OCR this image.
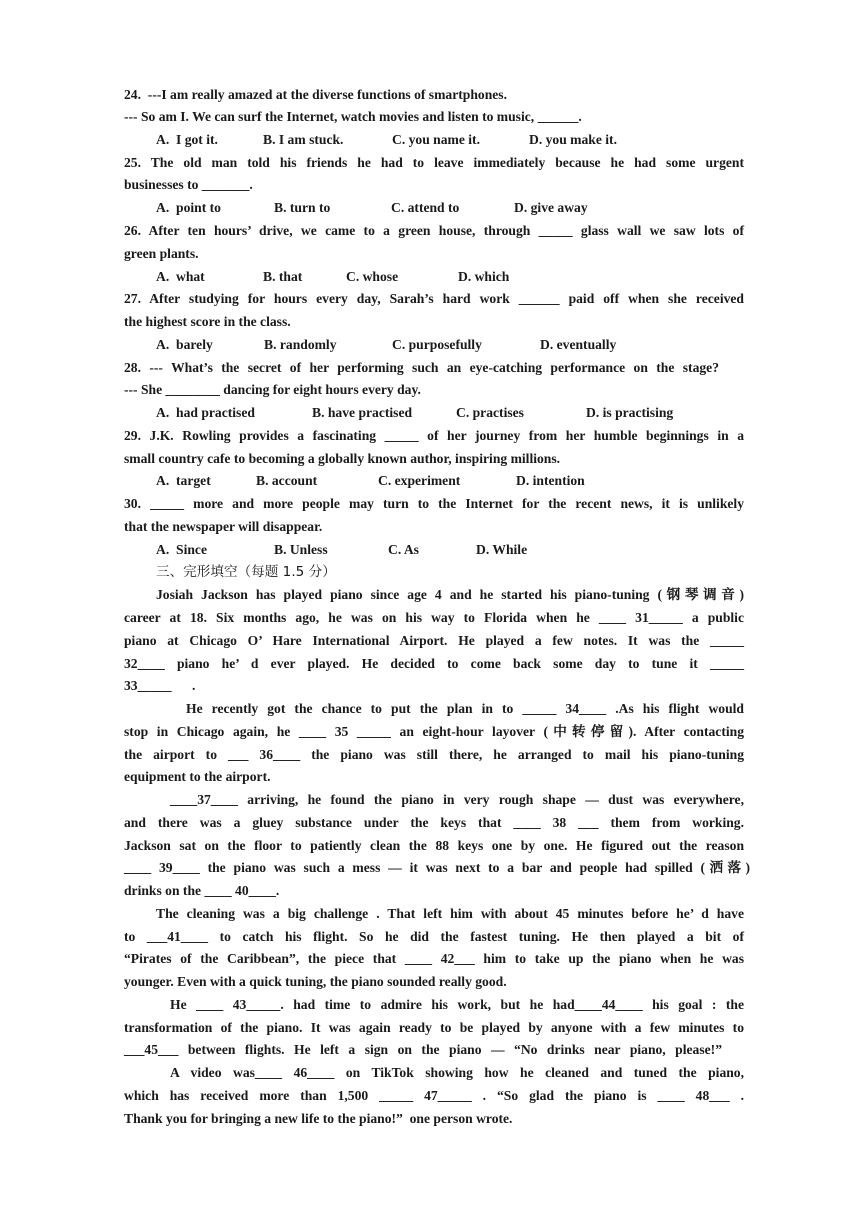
24.  ---I am really amazed at the diverse functions of smartphones.
--- So am I. We can surf the Internet, watch movies and listen to music, ______.

A.  I got it.

	B. I am stuck.

	C. you name it.

	D. you make it.

25. The old man told his friends he had to leave immediately because he had some urgent
businesses to _______.

A.  point to

	B. turn to

	C. attend to

	D. give away

26. After ten hours’ drive, we came to a green house, through _____ glass wall we saw lots of
green plants.

A.  what

	B. that

	C. whose

	D. which

27. After studying for hours every day, Sarah’s hard work ______ paid off when she received
the highest score in the class.

A.  barely

	B. randomly

	C. purposefully

	D. eventually

28. --- What’s the secret of her performing such an eye-catching performance on the stage?
--- She ________ dancing for eight hours every day.

A.  had practised

	B. have practised

	C. practises

	D. is practising

29. J.K. Rowling provides a fascinating _____ of her journey from her humble beginnings in a
small country cafe to becoming a globally known author, inspiring millions.

A.  target

	B. account

	C. experiment

	D. intention

30. _____ more and more people may turn to the Internet for the recent news, it is unlikely
that the newspaper will disappear.

A.  Since

	B. Unless

	C. As

	D. While

三、完形填空（每题 1.5 分）
Josiah Jackson has played piano since age 4 and he started his piano-tuning (钢琴调音)
career at 18. Six months ago, he was on his way to Florida when he ____ 31_____ a public
piano at Chicago O’ Hare International Airport. He played a few notes. It was the _____
32____ piano he’ d ever played. He decided to come back some day to tune it _____
33_____      .
He recently got the chance to put the plan in to _____ 34____ .As his flight would
stop in Chicago again, he ____ 35 _____ an eight-hour layover (中转停留). After contacting
the airport to ___ 36____ the piano was still there, he arranged to mail his piano-tuning
equipment to the airport.
____37____ arriving, he found the piano in very rough shape — dust was everywhere,
and there was a gluey substance under the keys that ____ 38 ___ them from working.
Jackson sat on the floor to patiently clean the 88 keys one by one. He figured out the reason
____ 39____ the piano was such a mess — it was next to a bar and people had spilled (洒落)
drinks on the ____ 40____.
The cleaning was a big challenge . That left him with about 45 minutes before he’ d have
to ___41____ to catch his flight. So he did the fastest tuning. He then played a bit of
“Pirates of the Caribbean”, the piece that ____ 42___ him to take up the piano when he was
younger. Even with a quick tuning, the piano sounded really good.
He ____ 43_____. had time to admire his work, but he had____44____ his goal : the
transformation of the piano. It was again ready to be played by anyone with a few minutes to
___45___ between flights. He left a sign on the piano — “No drinks near piano, please!”
A video was____ 46____ on TikTok showing how he cleaned and tuned the piano,
which has received more than 1,500 _____ 47_____ . “So glad the piano is ____ 48___ .
Thank you for bringing a new life to the piano!”  one person wrote.
